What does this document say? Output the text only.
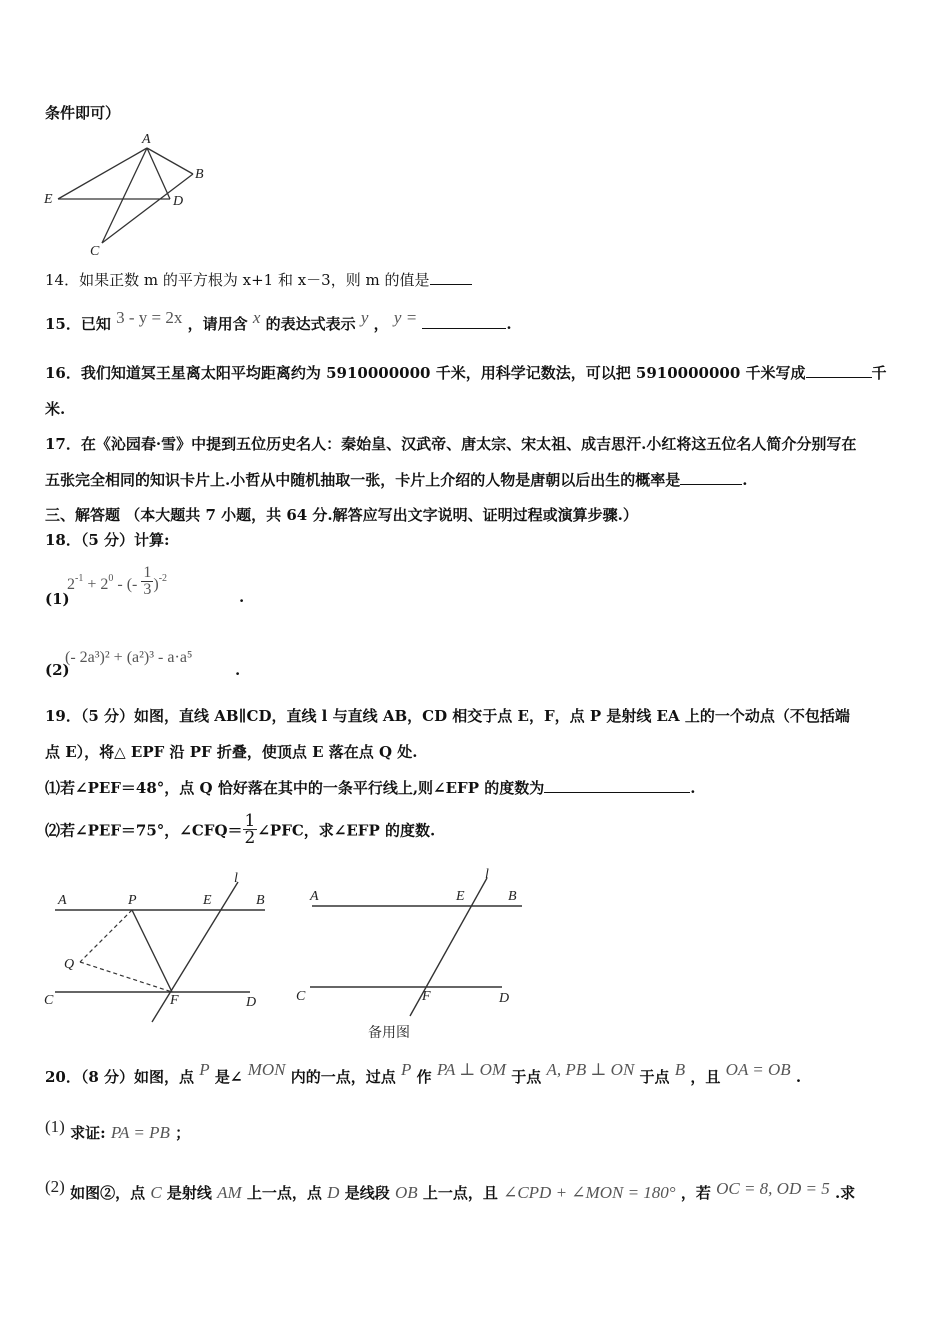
条件即可）
A
B
E	D
C
14．如果正数 m 的平方根为 x+1 和 x－3，则 m 的值是
15．已知 3 - y = 2x ，请用含 x 的表达式表示 y ， y =	.
16．我们知道冥王星离太阳平均距离约为 5910000000 千米，用科学记数法，可以把 5910000000 千米写成	千
米.
17．在《沁园春·雪》中提到五位历史名人：秦始皇、汉武帝、唐太宗、宋太祖、成吉思汗.小红将这五位名人简介分别写在
五张完全相同的知识卡片上.小哲从中随机抽取一张，卡片上介绍的人物是唐朝以后出生的概率是	.
三、解答题 （本大题共 7 小题，共 64 分.解答应写出文字说明、证明过程或演算步骤.）
18．（5 分）计算:
(1)
$2^{-1} + 2^0$ - (- $\frac{1}{3} )^{-2}$
.
(2)
(- 2a³)² + (a²)³ - a·a⁵
.
19．（5 分）如图，直线 AB∥CD，直线 l 与直线 AB，CD 相交于点 E，F，点 P 是射线 EA 上的一个动点（不包括端
点 E），将△ EPF 沿 PF 折叠，使顶点 E 落在点 Q 处.
⑴若∠PEF＝48°，点 Q 恰好落在其中的一条平行线上,则∠EFP 的度数为	.
⑵若∠PEF＝75°，∠CFQ＝ $\frac{1}{2}$ ∠PFC，求∠EFP 的度数.
A	P	E
l
B
Q
C	F	D
A	E
l
B
C	F	D
备用图
20．（8 分）如图，点 P 是∠ MON 内的一点，过点 P 作 PA ⊥ OM 于点 A, PB ⊥ ON 于点 B ，且 OA = OB .
(1) 求证: PA = PB ；
(2) 如图②，点 C 是射线 AM 上一点，点 D 是线段 OB 上一点，且 ∠CPD + ∠MON = 180° ，若 OC = 8, OD = 5 .求
